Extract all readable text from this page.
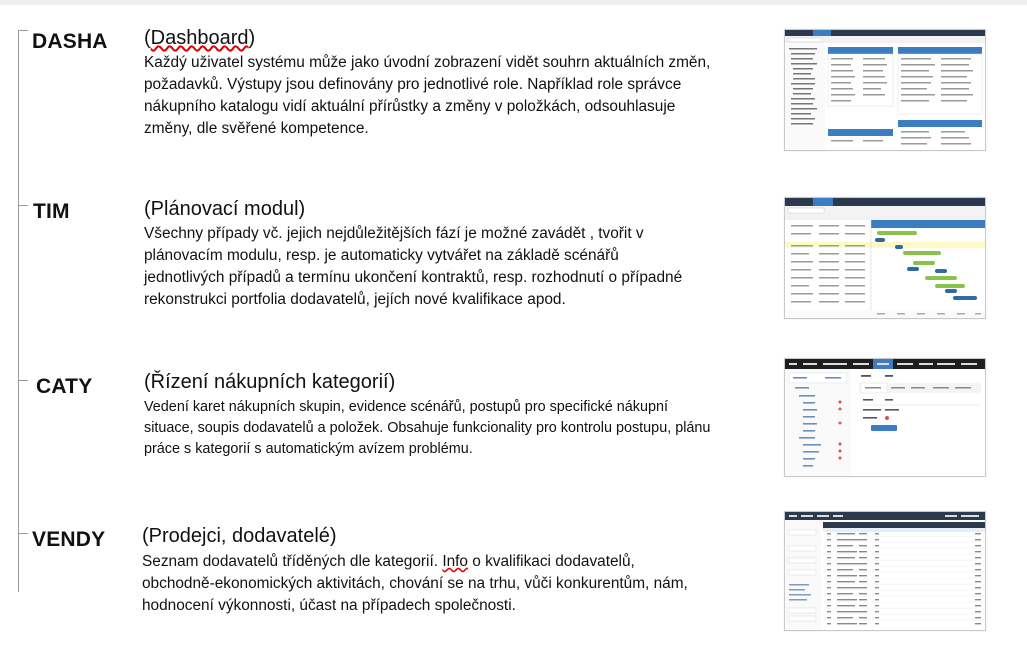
DASHA (Dashboard)
Každý uživatel systému může jako úvodní zobrazení vidět souhrn aktuálních změn,
požadavků. Výstupy jsou definovány pro jednotlivé role. Například role správce
nákupního katalogu vidí aktuální přírůstky a změny v položkách, odsouhlasuje
změny, dle svěřené kompetence.
TIM	(Plánovací modul)
Všechny případy vč. jejich nejdůležitějších fází je možné zavádět , tvořit v
plánovacím modulu, resp. je automaticky vytvářet na základě scénářů
jednotlivých případů a termínu ukončení kontraktů, resp. rozhodnutí o případné
rekonstrukci portfolia dodavatelů, jejích nové kvalifikace apod.
CATY	(Řízení nákupních kategorií)
Vedení karet nákupních skupin, evidence scénářů, postupů pro specifické nákupní
situace, soupis dodavatelů a položek. Obsahuje funkcionality pro kontrolu postupu, plánu
práce s kategorií s automatickým avízem problému.
VENDY (Prodejci, dodavatelé)
Seznam dodavatelů tříděných dle kategorií. Info o kvalifikaci dodavatelů,
obchodně-ekonomických aktivitách, chování se na trhu, vůči konkurentům, nám,
hodnocení výkonnosti, účast na případech společnosti.
